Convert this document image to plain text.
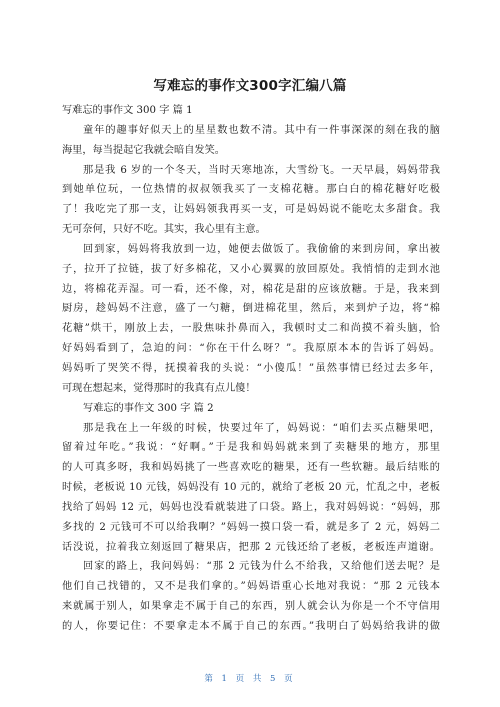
写难忘的事作文300字汇编八篇
写难忘的事作文 300 字 篇 1
童年的趣事好似天上的星星数也数不清。其中有一件事深深的刻在我的脑
海里，每当提起它我就会暗自发笑。
那是我 6 岁的一个冬天，当时天寒地冻，大雪纷飞。一天早晨，妈妈带我
到她单位玩，一位热情的叔叔领我买了一支棉花糖。那白白的棉花糖好吃极
了！我吃完了那一支，让妈妈领我再买一支，可是妈妈说不能吃太多甜食。我
无可奈何，只好不吃。其实，我心里有主意。
回到家，妈妈将我放到一边，她便去做饭了。我偷偷的来到房间，拿出被
子，拉开了拉链，拔了好多棉花，又小心翼翼的放回原处。我悄悄的走到水池
边，将棉花弄湿。可一看，还不像，对，棉花是甜的应该放糖。于是，我来到
厨房，趁妈妈不注意，盛了一勺糖，倒进棉花里，然后，来到炉子边，将“棉
花糖”烘干，刚放上去，一股焦味扑鼻而入，我顿时丈二和尚摸不着头脑，恰
好妈妈看到了，急迫的问：“你在干什么呀？”。我原原本本的告诉了妈妈。
妈妈听了哭笑不得，抚摸着我的头说：“小傻瓜！”虽然事情已经过去多年，
可现在想起来，觉得那时的我真有点儿傻！
写难忘的事作文 300 字 篇 2
那是我在上一年级的时候，快要过年了，妈妈说：“咱们去买点糖果吧，
留着过年吃。”我说：“好啊。”于是我和妈妈就来到了卖糖果的地方，那里
的人可真多呀，我和妈妈挑了一些喜欢吃的糖果，还有一些软糖。最后结账的
时候，老板说 10 元钱，妈妈没有 10 元的，就给了老板 20 元，忙乱之中，老板
找给了妈妈 12 元，妈妈也没看就装进了口袋。路上，我对妈妈说：“妈妈，那
多找的 2 元钱可不可以给我啊？”妈妈一摸口袋一看，就是多了 2 元，妈妈二
话没说，拉着我立刻返回了糖果店，把那 2 元钱还给了老板，老板连声道谢。
回家的路上，我问妈妈：“那 2 元钱为什么不给我，又给他们送去呢？是
他们自己找错的，又不是我们拿的。”妈妈语重心长地对我说：“那 2 元钱本
来就属于别人，如果拿走不属于自己的东西，别人就会认为你是一个不守信用
的人，你要记住：不要拿走本不属于自己的东西。”我明白了妈妈给我讲的做
第 1 页 共 5 页
